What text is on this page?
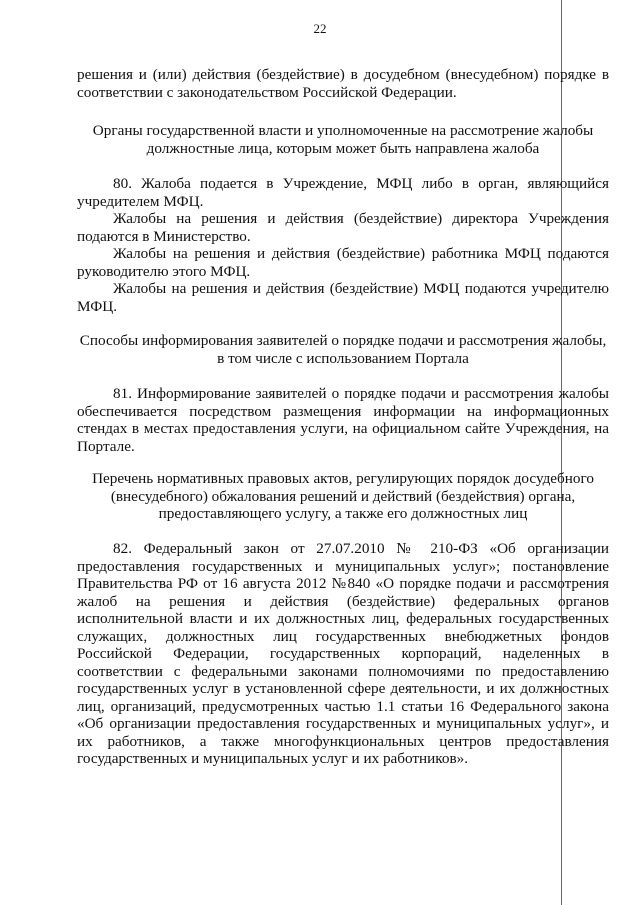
22

решения и (или) действия (бездействие) в досудебном (внесудебном) порядке в соответствии с законодательством Российской Федерации.

Органы государственной власти и уполномоченные на рассмотрение жалобы должностные лица, которым может быть направлена жалоба

80. Жалоба подается в Учреждение, МФЦ либо в орган, являющийся учредителем МФЦ.

Жалобы на решения и действия (бездействие) директора Учреждения подаются в Министерство.

Жалобы на решения и действия (бездействие) работника МФЦ подаются руководителю этого МФЦ.

Жалобы на решения и действия (бездействие) МФЦ подаются учредителю МФЦ.

Способы информирования заявителей о порядке подачи и рассмотрения жалобы, в том числе с использованием Портала

81. Информирование заявителей о порядке подачи и рассмотрения жалобы обеспечивается посредством размещения информации на информационных стендах в местах предоставления услуги, на официальном сайте Учреждения, на Портале.

Перечень нормативных правовых актов, регулирующих порядок досудебного (внесудебного) обжалования решений и действий (бездействия) органа, предоставляющего услугу, а также его должностных лиц

82. Федеральный закон от 27.07.2010 № 210-ФЗ «Об организации предоставления государственных и муниципальных услуг»; постановление Правительства РФ от 16 августа 2012 №840 «О порядке подачи и рассмотрения жалоб на решения и действия (бездействие) федеральных органов исполнительной власти и их должностных лиц, федеральных государственных служащих, должностных лиц государственных внебюджетных фондов Российской Федерации, государственных корпораций, наделенных в соответствии с федеральными законами полномочиями по предоставлению государственных услуг в установленной сфере деятельности, и их должностных лиц, организаций, предусмотренных частью 1.1 статьи 16 Федерального закона «Об организации предоставления государственных и муниципальных услуг», и их работников, а также многофункциональных центров предоставления государственных и муниципальных услуг и их работников».
